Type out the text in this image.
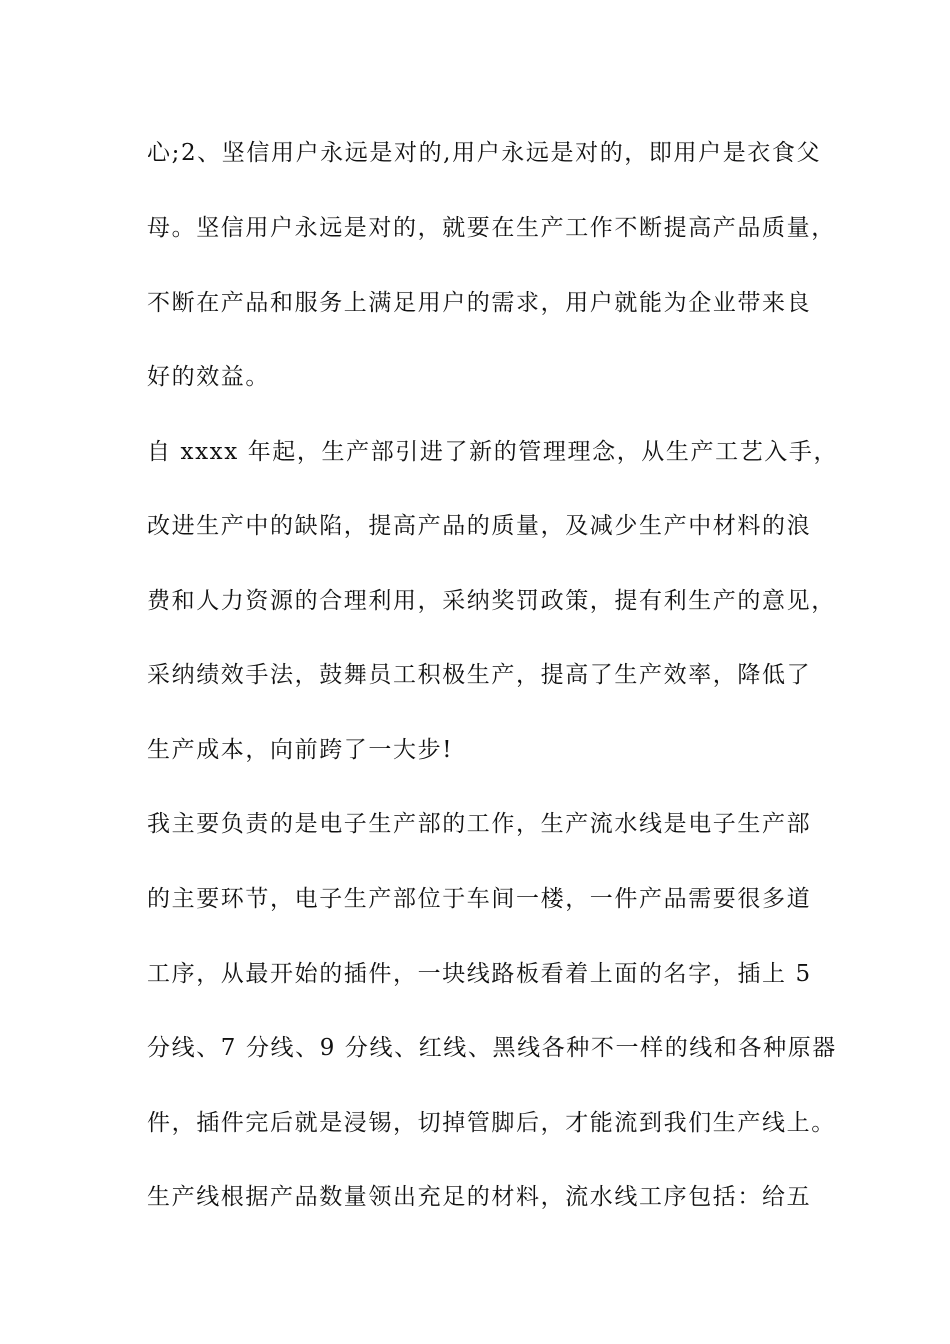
心;2、坚信用户永远是对的,用户永远是对的，即用户是衣食父
母。坚信用户永远是对的，就要在生产工作不断提高产品质量，
不断在产品和服务上满足用户的需求，用户就能为企业带来良
好的效益。
自 xxxx 年起，生产部引进了新的管理理念，从生产工艺入手，
改进生产中的缺陷，提高产品的质量，及减少生产中材料的浪
费和人力资源的合理利用，采纳奖罚政策，提有利生产的意见，
采纳绩效手法，鼓舞员工积极生产，提高了生产效率，降低了
生产成本，向前跨了一大步!
我主要负责的是电子生产部的工作，生产流水线是电子生产部
的主要环节，电子生产部位于车间一楼，一件产品需要很多道
工序，从最开始的插件，一块线路板看着上面的名字，插上 5
分线、7 分线、9 分线、红线、黑线各种不一样的线和各种原器
件，插件完后就是浸锡，切掉管脚后，才能流到我们生产线上。
生产线根据产品数量领出充足的材料，流水线工序包括：给五
